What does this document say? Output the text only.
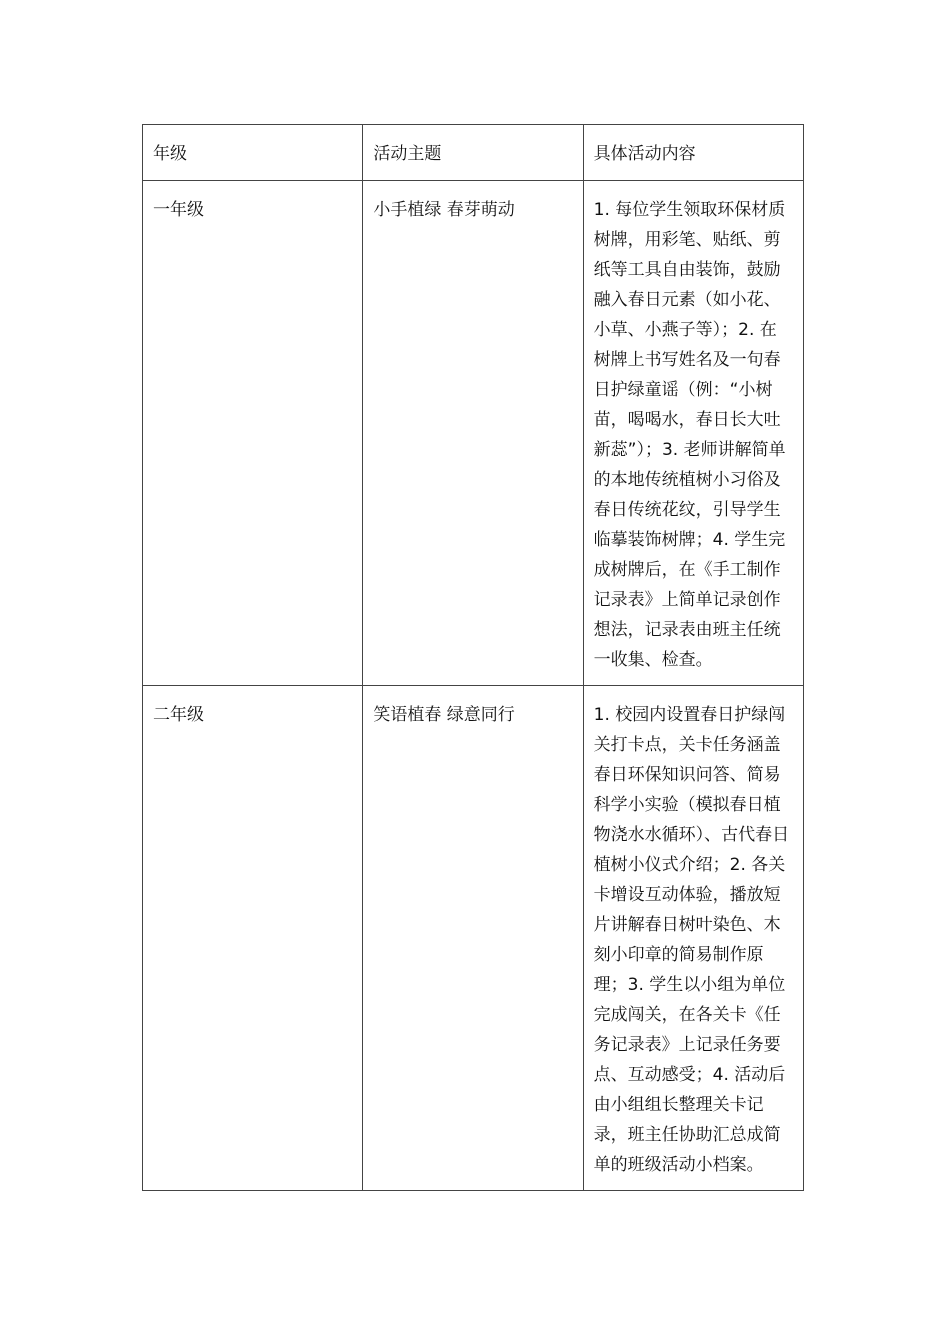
年级	活动主题	具体活动内容

一年级	小手植绿 春芽萌动	1. 每位学生领取环保材质树牌，用彩笔、贴纸、剪纸等工具自由装饰，鼓励融入春日元素（如小花、小草、小燕子等）；2. 在树牌上书写姓名及一句春日护绿童谣（例：“小树苗，喝喝水，春日长大吐新蕊”）；3. 老师讲解简单的本地传统植树小习俗及春日传统花纹，引导学生临摹装饰树牌；4. 学生完成树牌后，在《手工制作记录表》上简单记录创作想法，记录表由班主任统一收集、检查。

二年级	笑语植春 绿意同行	1. 校园内设置春日护绿闯关打卡点，关卡任务涵盖春日环保知识问答、简易科学小实验（模拟春日植物浇水水循环）、古代春日植树小仪式介绍；2. 各关卡增设互动体验，播放短片讲解春日树叶染色、木刻小印章的简易制作原理；3. 学生以小组为单位完成闯关，在各关卡《任务记录表》上记录任务要点、互动感受；4. 活动后由小组组长整理关卡记录，班主任协助汇总成简单的班级活动小档案。
